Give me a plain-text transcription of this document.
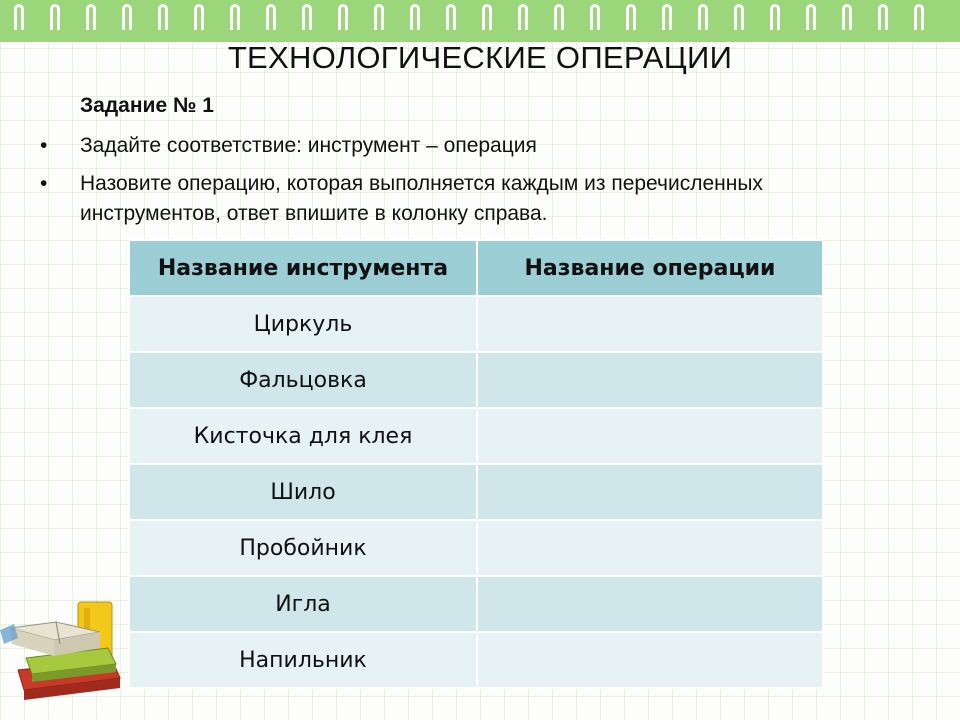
ТЕХНОЛОГИЧЕСКИЕ ОПЕРАЦИИ
Задание № 1
•	Задайте соответствие: инструмент – операция
•	Назовите операцию, которая выполняется каждым из перечисленных инструментов, ответ впишите в колонку справа.
Название инструмента	Название операции
Циркуль	
Фальцовка	
Кисточка для клея	
Шило	
Пробойник	
Игла	
Напильник	
